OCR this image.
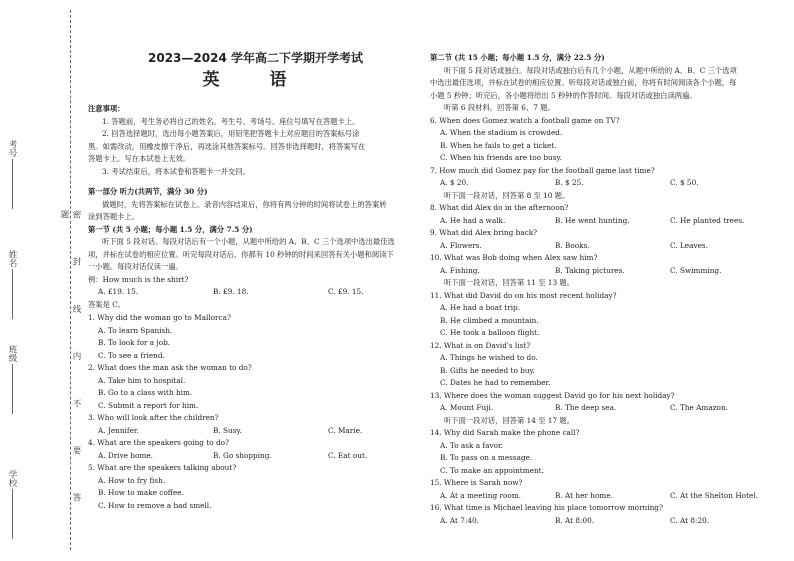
考号
姓名
班级
学校	密 封 线 内 不 要 答 题
2023—2024 学年高二下学期开学考试
英 语
注意事项：
1. 答题前，考生务必将自己的姓名、考生号、考场号、座位号填写在答题卡上。
2. 回答选择题时，选出每小题答案后，用铅笔把答题卡上对应题目的答案标号涂
黑。如需改动，用橡皮擦干净后，再选涂其他答案标号。回答非选择题时，将答案写在
答题卡上。写在本试卷上无效。
3. 考试结束后，将本试卷和答题卡一并交回。
第一部分 听力(共两节，满分 30 分)
做题时，先将答案标在试卷上。录音内容结束后，你将有两分钟的时间将试卷上的答案转
涂到答题卡上。
第一节 (共 5 小题；每小题 1.5 分，满分 7.5 分)
听下面 5 段对话。每段对话后有一个小题，从题中所给的 A、B、C 三个选项中选出最佳选
项，并标在试卷的相应位置。听完每段对话后，你都有 10 秒钟的时间来回答有关小题和阅读下
一小题。每段对话仅读一遍。
例：How much is the shirt?
A. £19. 15.	B. £9. 18.	C. £9. 15.
答案是 C。
1. Why did the woman go to Mallorca?
A. To learn Spanish.
B. To look for a job.
C. To see a friend.
2. What does the man ask the woman to do?
A. Take him to hospital.
B. Go to a class with him.
C. Submit a report for him.
3. Who will look after the children?
A. Jennifer.	B. Susy.	C. Marie.
4. What are the speakers going to do?
A. Drive home.	B. Go shopping.	C. Eat out.
5. What are the speakers talking about?
A. How to fry fish.
B. How to make coffee.
C. How to remove a bad smell.
第二节 (共 15 小题；每小题 1.5 分，满分 22.5 分)
听下面 5 段对话或独白。每段对话或独白后有几个小题，从题中所给的 A、B、C 三个选项
中选出最佳选项，并标在试卷的相应位置。听每段对话或独白前，你将有时间阅读各个小题，每
小题 5 秒钟；听完后，各小题将给出 5 秒钟的作答时间。每段对话或独白读两遍。
听第 6 段材料，回答第 6、7 题。
6. When does Gomez watch a football game on TV?
A. When the stadium is crowded.
B. When he fails to get a ticket.
C. When his friends are too busy.
7. How much did Gomez pay for the football game last time?
A. $ 20.	B. $ 25.	C. $ 50.
听下面一段对话，回答第 8 至 10 题。
8. What did Alex do in the afternoon?
A. He had a walk.	B. He went hunting.	C. He planted trees.
9. What did Alex bring back?
A. Flowers.	B. Books.	C. Leaves.
10. What was Bob doing when Alex saw him?
A. Fishing.	B. Taking pictures.	C. Swimming.
听下面一段对话，回答第 11 至 13 题。
11. What did David do on his most recent holiday?
A. He had a boat trip.
B. He climbed a mountain.
C. He took a balloon flight.
12. What is on David's list?
A. Things he wished to do.
B. Gifts he needed to buy.
C. Dates he had to remember.
13. Where does the woman suggest David go for his next holiday?
A. Mount Fuji.	B. The deep sea.	C. The Amazon.
听下面一段对话，回答第 14 至 17 题。
14. Why did Sarah make the phone call?
A. To ask a favor.
B. To pass on a message.
C. To make an appointment.
15. Where is Sarah now?
A. At a meeting room.	B. At her home.	C. At the Shelton Hotel.
16. What time is Michael leaving his place tomorrow morning?
A. At 7:40.	B. At 8:00.	C. At 8:20.
